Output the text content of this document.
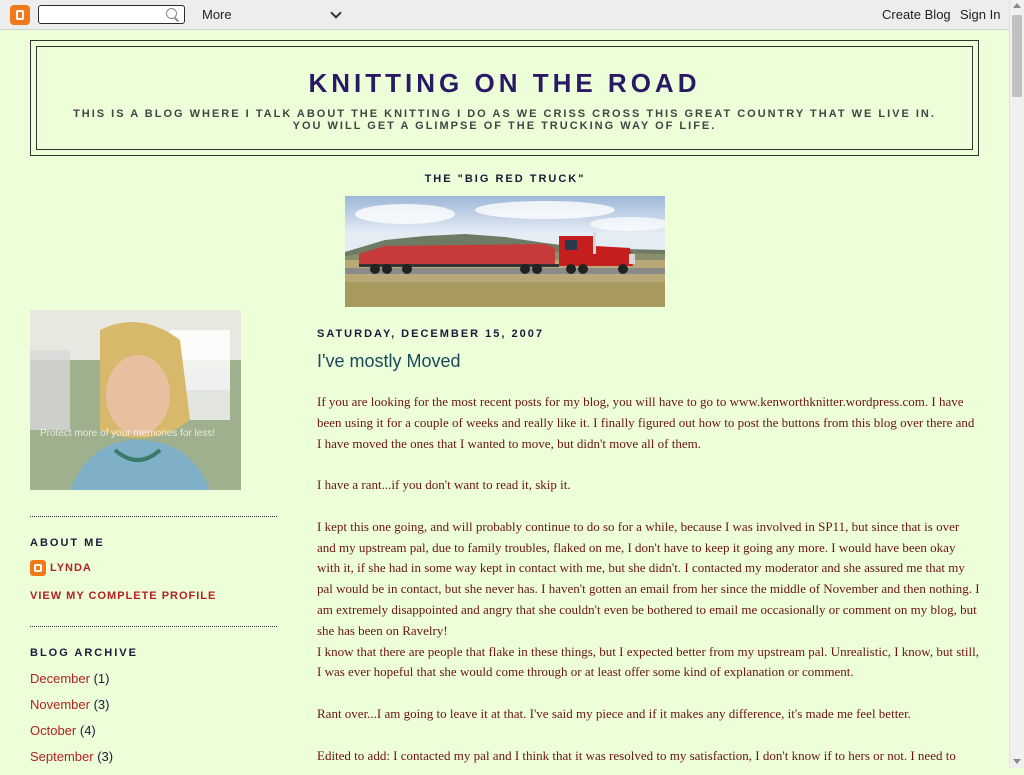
More	Create Blog Sign In
KNITTING ON THE ROAD
THIS IS A BLOG WHERE I TALK ABOUT THE KNITTING I DO AS WE CRISS CROSS THIS GREAT COUNTRY THAT WE LIVE IN. YOU WILL GET A GLIMPSE OF THE TRUCKING WAY OF LIFE.
THE "BIG RED TRUCK"
Protect more of your memories for less!
ABOUT ME
LYNDA
VIEW MY COMPLETE PROFILE
BLOG ARCHIVE
December (1)
November (3)
October (4)
September (3)
SATURDAY, DECEMBER 15, 2007
I've mostly Moved

If you are looking for the most recent posts for my blog, you will have to go to www.kenworthknitter.wordpress.com. I have been using it for a couple of weeks and really like it. I finally figured out how to post the buttons from this blog over there and I have moved the ones that I wanted to move, but didn't move all of them.

I have a rant...if you don't want to read it, skip it.

I kept this one going, and will probably continue to do so for a while, because I was involved in SP11, but since that is over and my upstream pal, due to family troubles, flaked on me, I don't have to keep it going any more. I would have been okay with it, if she had in some way kept in contact with me, but she didn't. I contacted my moderator and she assured me that my pal would be in contact, but she never has. I haven't gotten an email from her since the middle of November and then nothing. I am extremely disappointed and angry that she couldn't even be bothered to email me occasionally or comment on my blog, but she has been on Ravelry!

I know that there are people that flake in these things, but I expected better from my upstream pal. Unrealistic, I know, but still, I was ever hopeful that she would come through or at least offer some kind of explanation or comment.

Rant over...I am going to leave it at that. I've said my piece and if it makes any difference, it's made me feel better.

Edited to add: I contacted my pal and I think that it was resolved to my satisfaction, I don't know if to hers or not. I need to
